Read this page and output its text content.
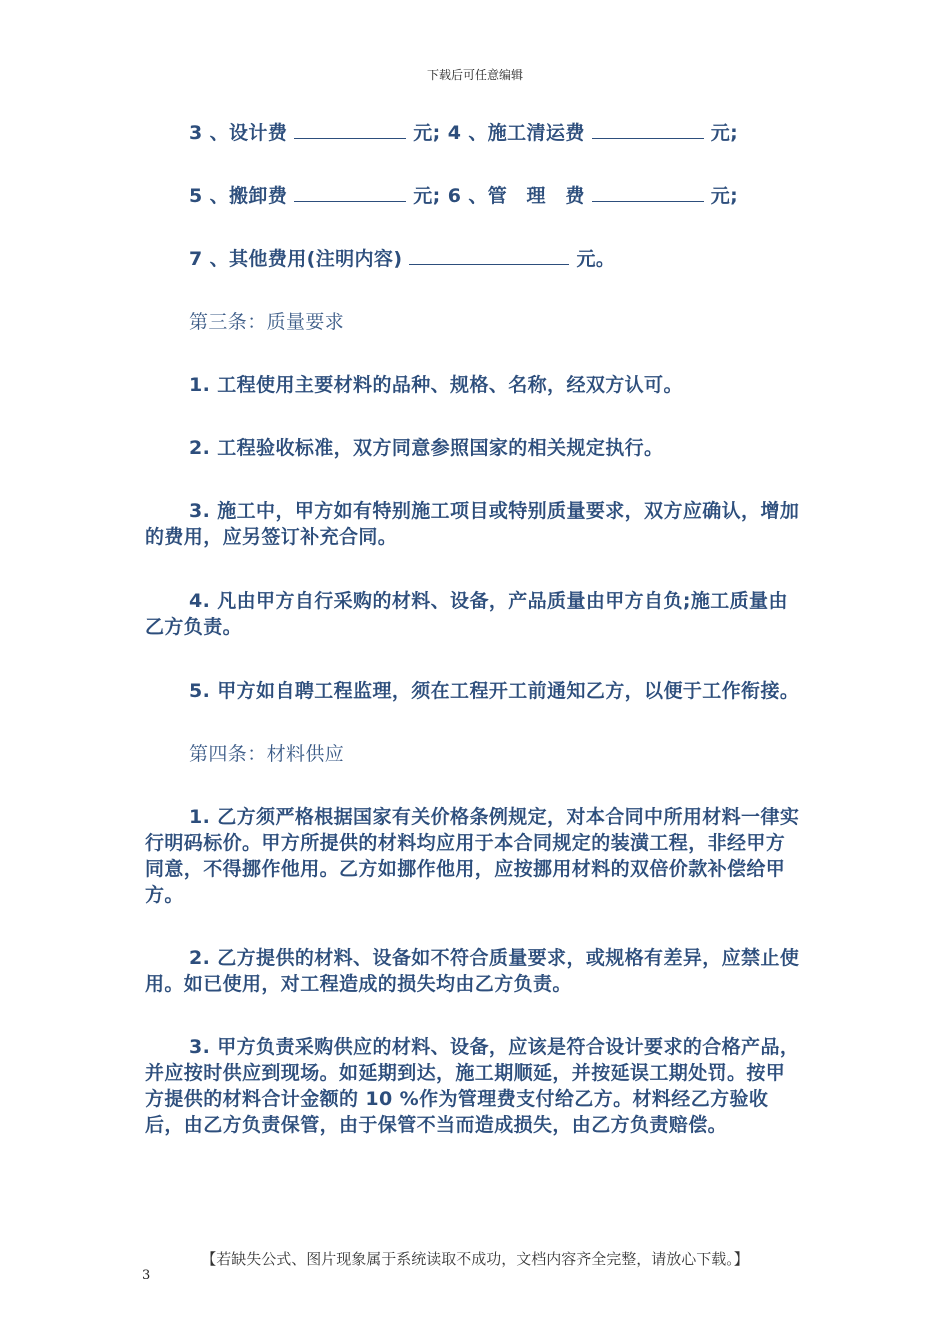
下载后可任意编辑

3 、设计费	元; 4 、施工清运费	元;

5 、搬卸费	元; 6 、管　理　费	元;

7 、其他费用(注明内容)	元。

第三条：质量要求

1. 工程使用主要材料的品种、规格、名称，经双方认可。

2. 工程验收标准，双方同意参照国家的相关规定执行。

3. 施工中，甲方如有特别施工项目或特别质量要求，双方应确认，增加的费用，应另签订补充合同。

4. 凡由甲方自行采购的材料、设备，产品质量由甲方自负;施工质量由乙方负责。

5. 甲方如自聘工程监理，须在工程开工前通知乙方，以便于工作衔接。

第四条：材料供应

1. 乙方须严格根据国家有关价格条例规定，对本合同中所用材料一律实行明码标价。甲方所提供的材料均应用于本合同规定的装潢工程，非经甲方同意，不得挪作他用。乙方如挪作他用，应按挪用材料的双倍价款补偿给甲方。

2. 乙方提供的材料、设备如不符合质量要求，或规格有差异，应禁止使用。如已使用，对工程造成的损失均由乙方负责。

3. 甲方负责采购供应的材料、设备，应该是符合设计要求的合格产品，并应按时供应到现场。如延期到达，施工期顺延，并按延误工期处罚。按甲方提供的材料合计金额的 10 %作为管理费支付给乙方。材料经乙方验收后，由乙方负责保管，由于保管不当而造成损失，由乙方负责赔偿。

【若缺失公式、图片现象属于系统读取不成功，文档内容齐全完整，请放心下载。】
3
